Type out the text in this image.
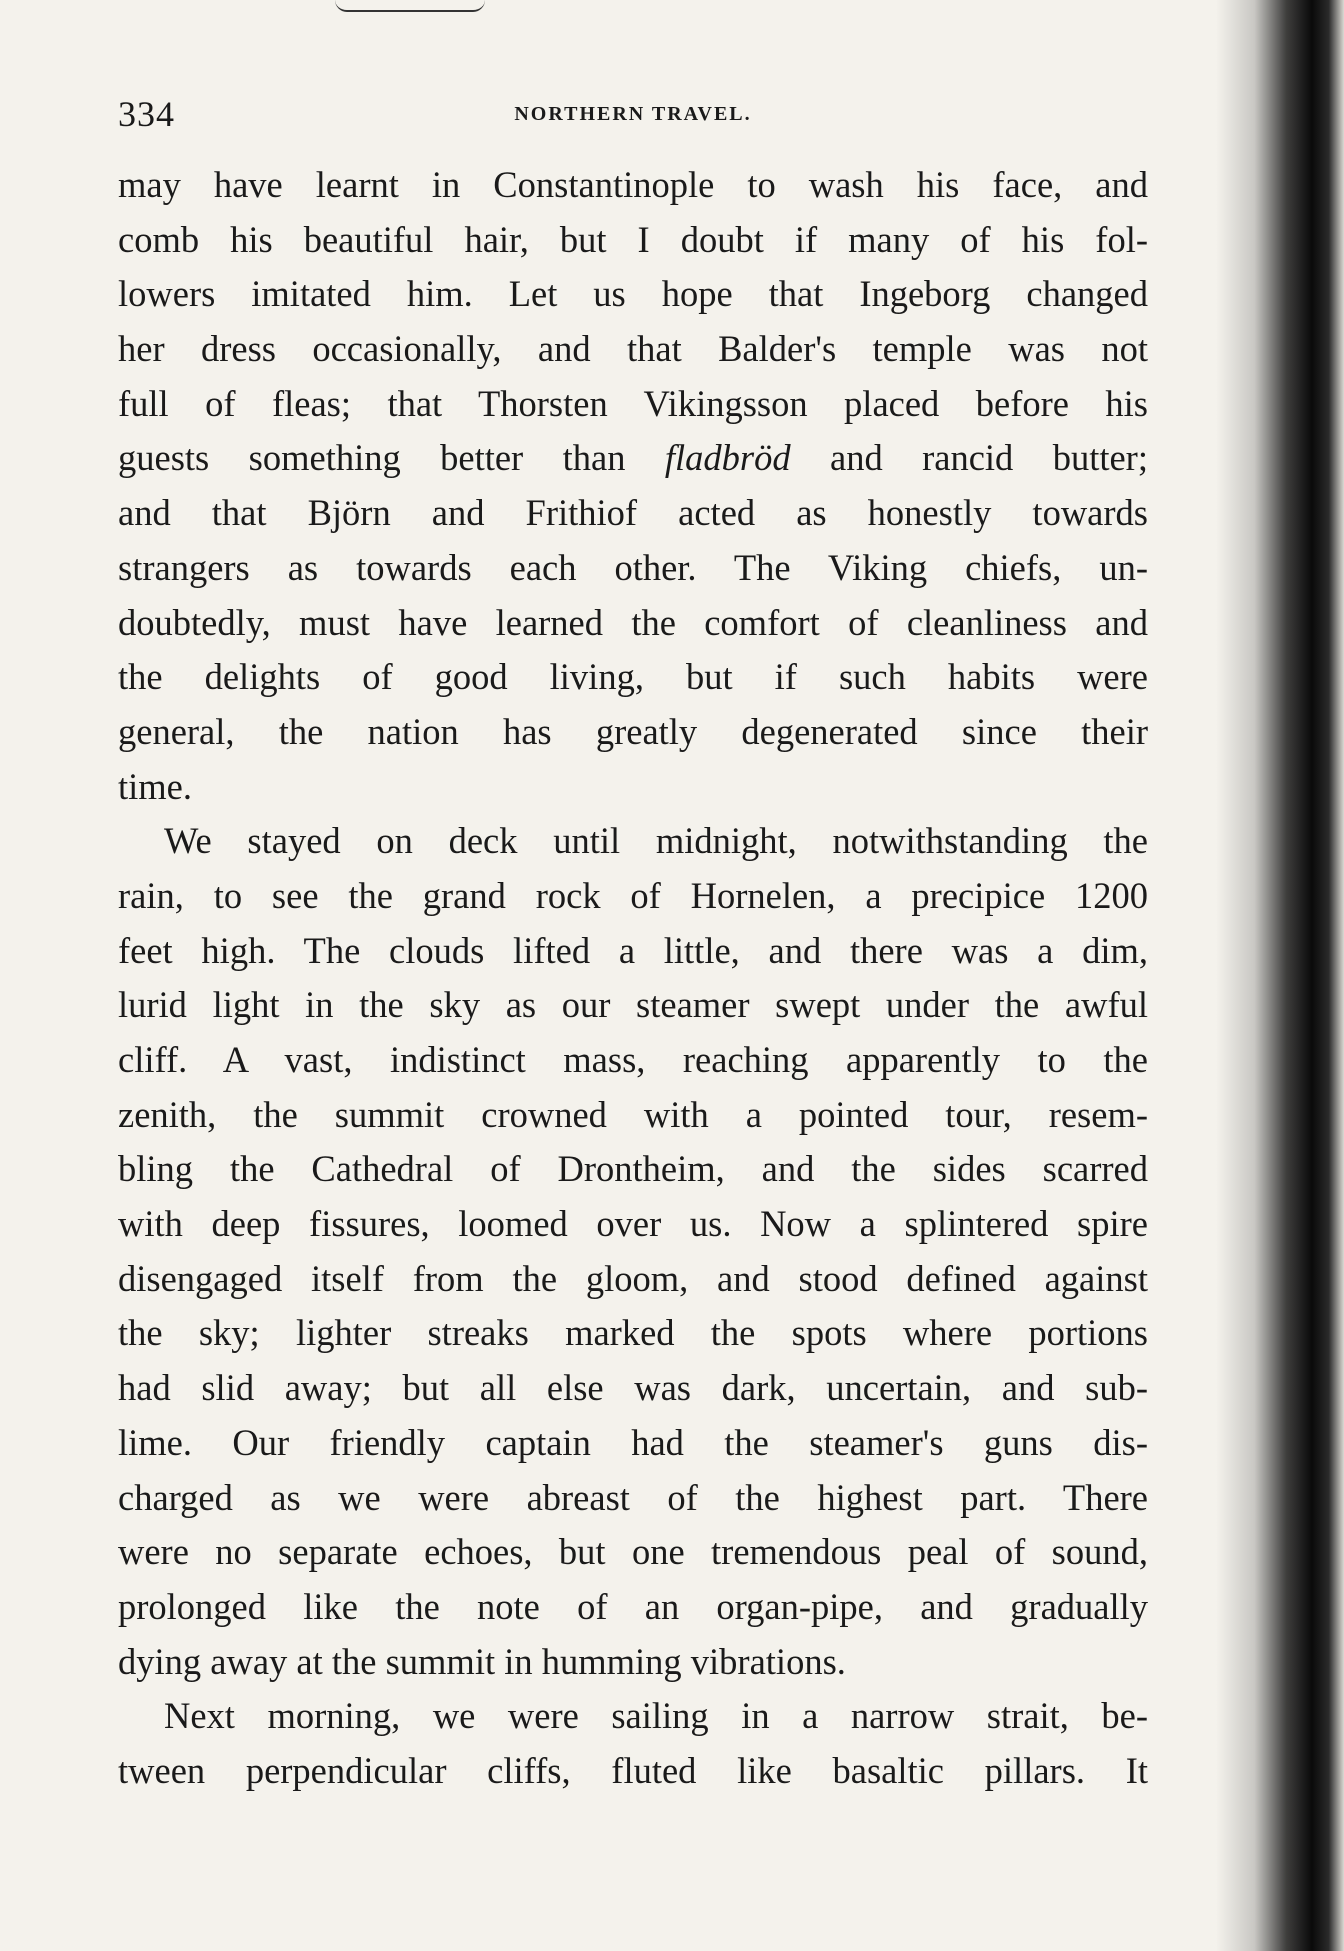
334	NORTHERN TRAVEL.
may have learnt in Constantinople to wash his face, and
comb his beautiful hair, but I doubt if many of his fol-
lowers imitated him. Let us hope that Ingeborg changed
her dress occasionally, and that Balder's temple was not
full of fleas; that Thorsten Vikingsson placed before his
guests something better than fladbröd and rancid butter;
and that Björn and Frithiof acted as honestly towards
strangers as towards each other. The Viking chiefs, un-
doubtedly, must have learned the comfort of cleanliness and
the delights of good living, but if such habits were
general, the nation has greatly degenerated since their
time.
We stayed on deck until midnight, notwithstanding the
rain, to see the grand rock of Hornelen, a precipice 1200
feet high. The clouds lifted a little, and there was a dim,
lurid light in the sky as our steamer swept under the awful
cliff. A vast, indistinct mass, reaching apparently to the
zenith, the summit crowned with a pointed tour, resem-
bling the Cathedral of Drontheim, and the sides scarred
with deep fissures, loomed over us. Now a splintered spire
disengaged itself from the gloom, and stood defined against
the sky; lighter streaks marked the spots where portions
had slid away; but all else was dark, uncertain, and sub-
lime. Our friendly captain had the steamer's guns dis-
charged as we were abreast of the highest part. There
were no separate echoes, but one tremendous peal of sound,
prolonged like the note of an organ-pipe, and gradually
dying away at the summit in humming vibrations.
Next morning, we were sailing in a narrow strait, be-
tween perpendicular cliffs, fluted like basaltic pillars. It
